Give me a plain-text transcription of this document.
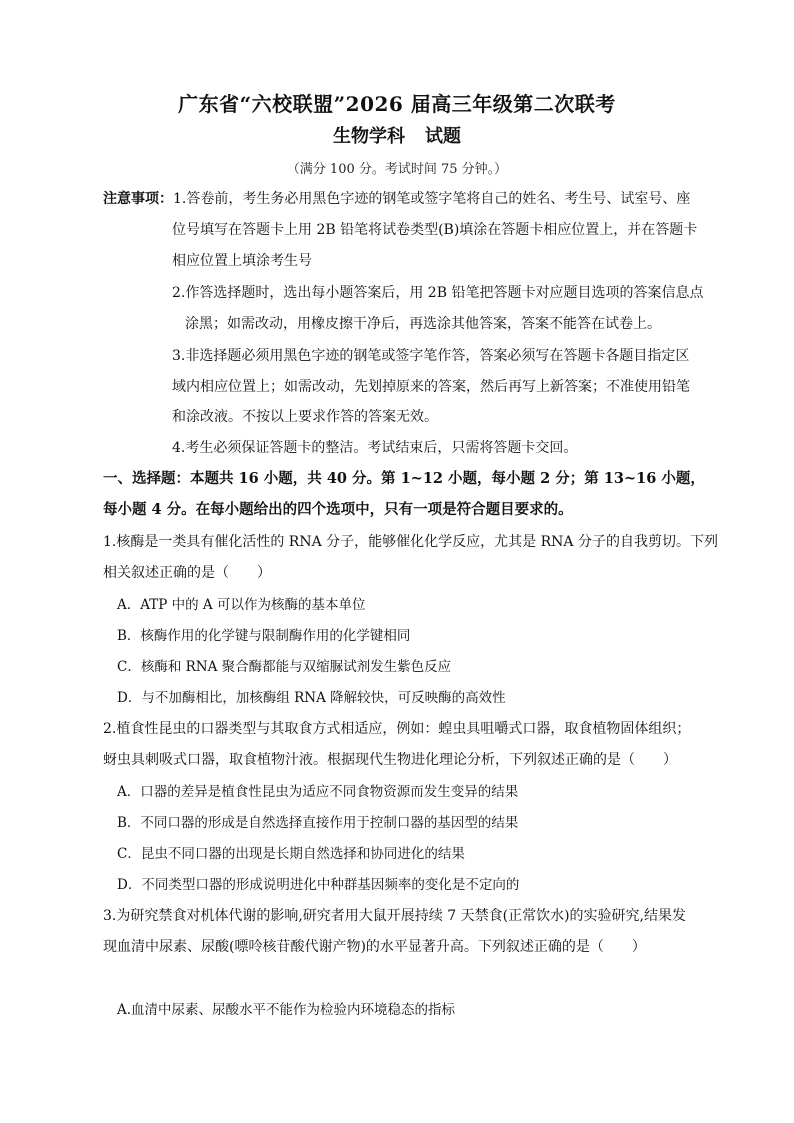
广东省“六校联盟”2026 届高三年级第二次联考
生物学科 试题
（满分 100 分。考试时间 75 分钟。）
注意事项：1.答卷前，考生务必用黑色字迹的钢笔或签字笔将自己的姓名、考生号、试室号、座
位号填写在答题卡上用 2B 铅笔将试卷类型(B)填涂在答题卡相应位置上，并在答题卡
相应位置上填涂考生号
2.作答选择题时，选出每小题答案后，用 2B 铅笔把答题卡对应题目选项的答案信息点
涂黑；如需改动，用橡皮擦干净后，再选涂其他答案，答案不能答在试卷上。
3.非选择题必须用黑色字迹的钢笔或签字笔作答，答案必须写在答题卡各题目指定区
域内相应位置上；如需改动，先划掉原来的答案，然后再写上新答案；不准使用铅笔
和涂改液。不按以上要求作答的答案无效。
4.考生必须保证答题卡的整洁。考试结束后，只需将答题卡交回。
一、选择题：本题共 16 小题，共 40 分。第 1~12 小题，每小题 2 分；第 13~16 小题，
每小题 4 分。在每小题给出的四个选项中，只有一项是符合题目要求的。
1.核酶是一类具有催化活性的 RNA 分子，能够催化化学反应，尤其是 RNA 分子的自我剪切。下列
相关叙述正确的是（　　）
A．ATP 中的 A 可以作为核酶的基本单位
B．核酶作用的化学键与限制酶作用的化学键相同
C．核酶和 RNA 聚合酶都能与双缩脲试剂发生紫色反应
D．与不加酶相比，加核酶组 RNA 降解较快，可反映酶的高效性
2.植食性昆虫的口器类型与其取食方式相适应，例如：蝗虫具咀嚼式口器，取食植物固体组织；
蚜虫具刺吸式口器，取食植物汁液。根据现代生物进化理论分析，下列叙述正确的是（　　）
A．口器的差异是植食性昆虫为适应不同食物资源而发生变异的结果
B．不同口器的形成是自然选择直接作用于控制口器的基因型的结果
C．昆虫不同口器的出现是长期自然选择和协同进化的结果
D．不同类型口器的形成说明进化中种群基因频率的变化是不定向的
3.为研究禁食对机体代谢的影响,研究者用大鼠开展持续 7 天禁食(正常饮水)的实验研究,结果发
现血清中尿素、尿酸(嘌呤核苷酸代谢产物)的水平显著升高。下列叙述正确的是（　　）
A.血清中尿素、尿酸水平不能作为检验内环境稳态的指标
